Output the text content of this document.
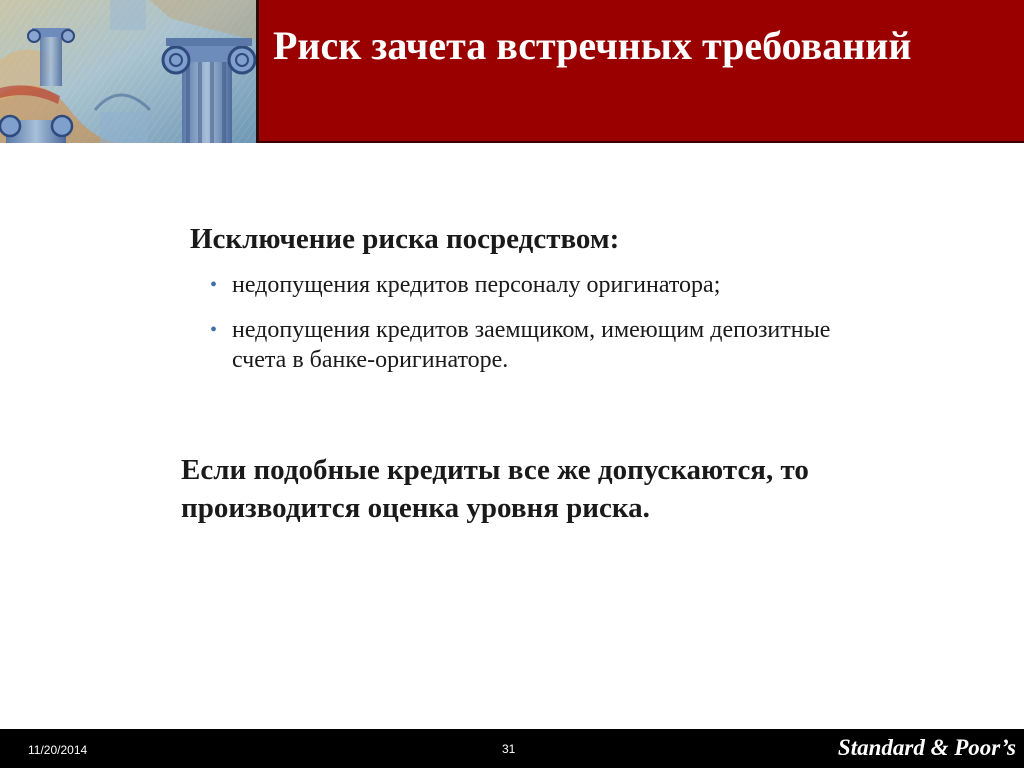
Риск зачета встречных требований
Исключение риска посредством:
• недопущения кредитов персоналу оригинатора;
• недопущения кредитов заемщиком, имеющим депозитные счета в банке-оригинаторе.
Если подобные кредиты все же допускаются, то производится оценка уровня риска.
11/20/2014	31	Standard & Poor’s
